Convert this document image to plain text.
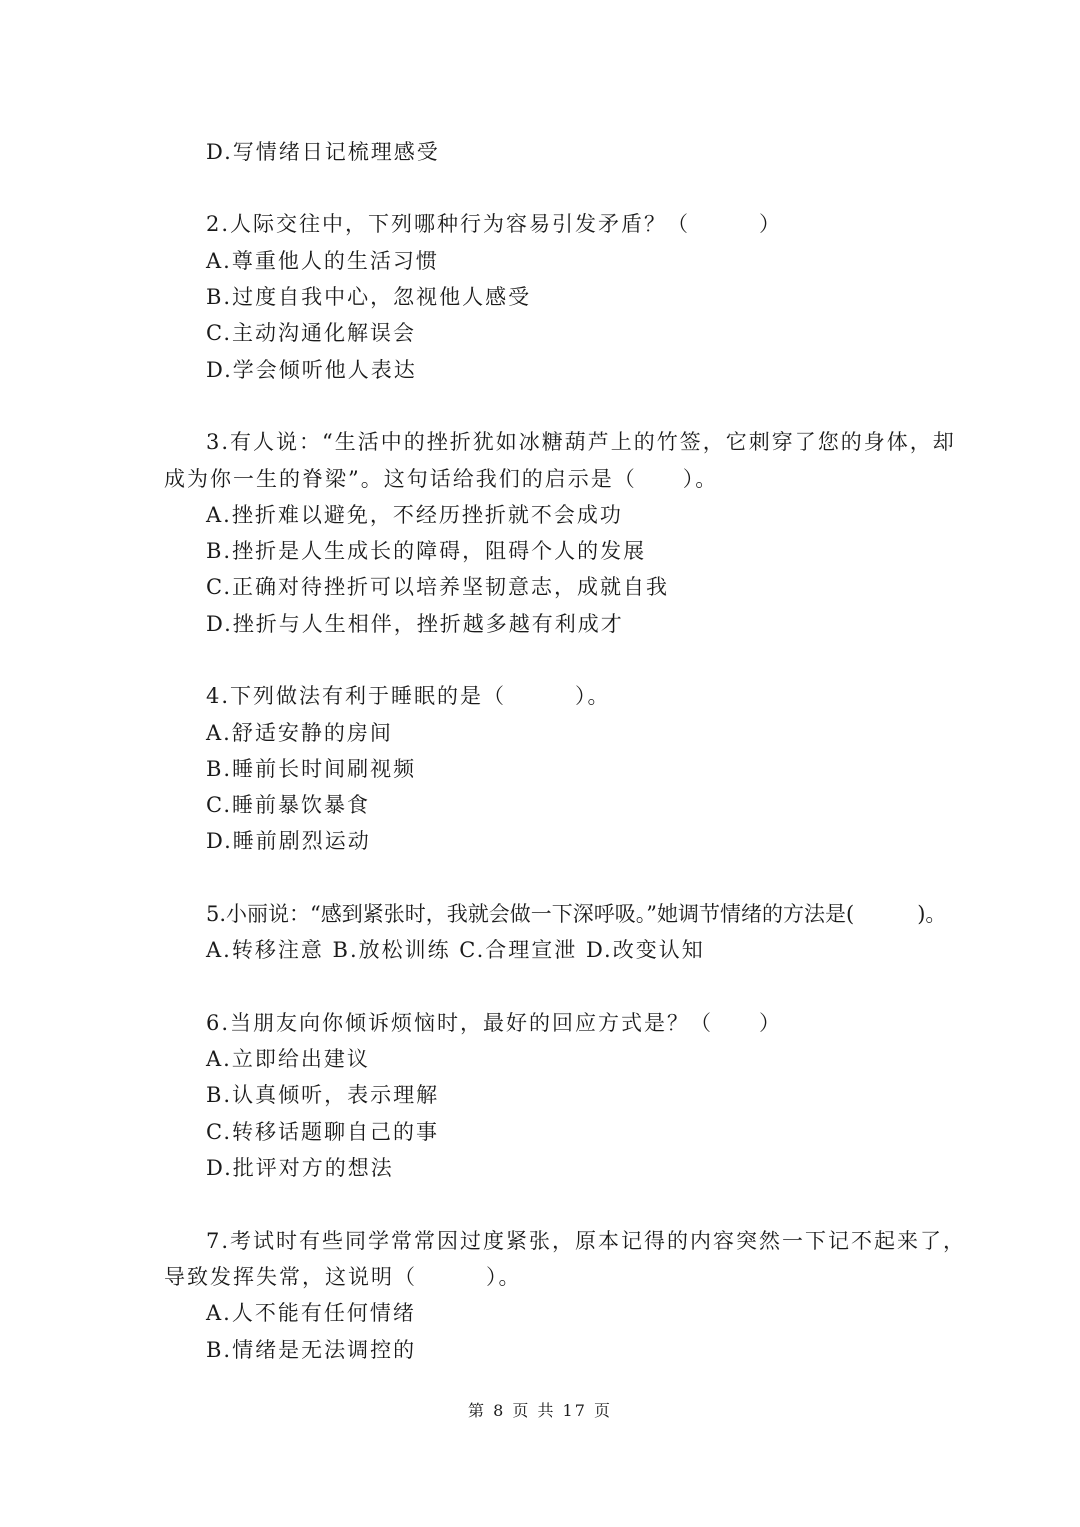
D.写情绪日记梳理感受
2.人际交往中，下列哪种行为容易引发矛盾？（　　　）
A.尊重他人的生活习惯
B.过度自我中心，忽视他人感受
C.主动沟通化解误会
D.学会倾听他人表达
3.有人说：“生活中的挫折犹如冰糖葫芦上的竹签，它刺穿了您的身体，却
成为你一生的脊梁”。这句话给我们的启示是（　　）。
A.挫折难以避免，不经历挫折就不会成功
B.挫折是人生成长的障碍，阻碍个人的发展
C.正确对待挫折可以培养坚韧意志，成就自我
D.挫折与人生相伴，挫折越多越有利成才
4.下列做法有利于睡眠的是（　　　）。
A.舒适安静的房间
B.睡前长时间刷视频
C.睡前暴饮暴食
D.睡前剧烈运动
5.小丽说：“感到紧张时，我就会做一下深呼吸。”她调节情绪的方法是(　　　)。
A.转移注意 B.放松训练 C.合理宣泄 D.改变认知
6.当朋友向你倾诉烦恼时，最好的回应方式是？（　　）
A.立即给出建议
B.认真倾听，表示理解
C.转移话题聊自己的事
D.批评对方的想法
7.考试时有些同学常常因过度紧张，原本记得的内容突然一下记不起来了，
导致发挥失常，这说明（　　　）。
A.人不能有任何情绪
B.情绪是无法调控的
第 8 页 共 17 页
